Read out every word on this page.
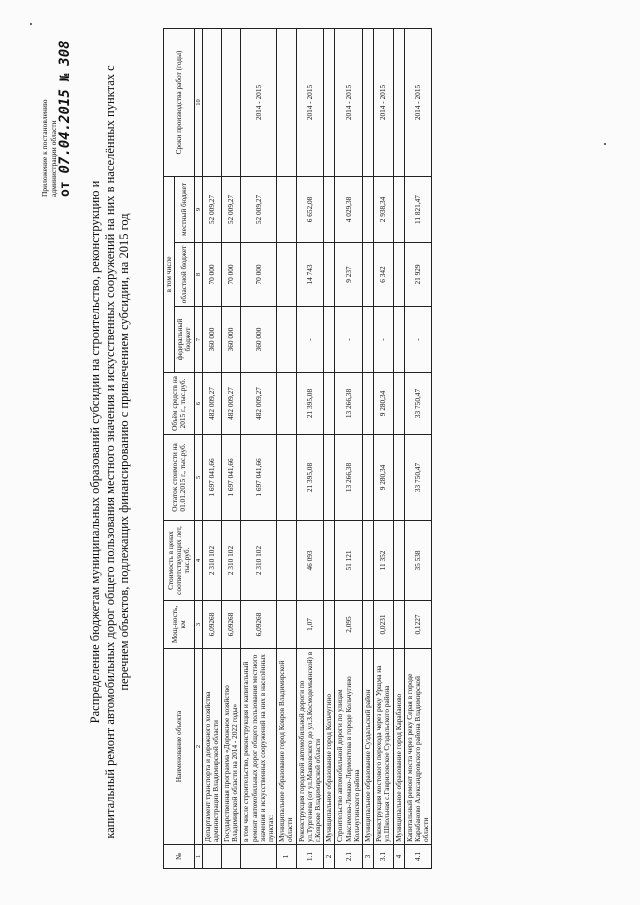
Приложение к постановлению администрации области от 07.04.2015 № 308
Распределение бюджетам муниципальных образований субсидии на строительство, реконструкцию и капитальный ремонт автомобильных дорог общего пользования местного значения и искусственных сооружений на них в населённых пунктах с перечнем объектов, подлежащих финансированию с привлечением субсидии, на 2015 год
№	Наименование объекта	Мощ-ность, км	Стоимость в ценах соответствующих лет, тыс.руб.	Остаток стоимости на 01.01.2015 г., тыс.руб.	Объём средств на 2015 г., тыс.руб.	в том числе			Сроки производства работ (годы)
						федеральный бюджет	областной бюджет	местный бюджет	
1	2	3	4	5	6	7	8	9	10
	Департамент транспорта и дорожного хозяйства администрации Владимирской области	6,09268	2 310 102	1 697 041,66	482 009,27	360 000	70 000	52 009,27	
	Государственная программа «Дорожное хозяйство Владимирской области на 2014 - 2022 годы»	6,09268	2 310 102	1 697 041,66	482 009,27	360 000	70 000	52 009,27	
	в том числе строительство, реконструкция и капитальный ремонт автомобильных дорог общего пользования местного значения и искусственных сооружений на них в населённых пунктах:	6,09268	2 310 102	1 697 041,66	482 009,27	360 000	70 000	52 009,27	2014 - 2015
1	Муниципальное образование город Ковров Владимирской области								
1.1	Реконструкция городской автомобильной дороги по ул.Тургенева (от ул.Маяковского до ул.З.Космодемьянской) в г.Коврове Владимирской области	1,07	46 093	21 395,08	21 395,08	-	14 743	6 652,08	2014 - 2015
2	Муниципальное образование город Кольчугино								
2.1	Строительство автомобильной дороги по улицам Максимова-Ломако-Лермонтова в городе Кольчугино Кольчугинского района	2,095	51 121	13 266,38	13 266,38	-	9 237	4 029,38	2014 - 2015
3	Муниципальное образование Суздальский район								
3.1	Реконструкция мостового перехода через реку Урщма на ул.Школьная с.Гавриловское Суздальского района	0,0231	11 352	9 280,34	9 280,34	-	6 342	2 938,34	2014 - 2015
4	Муниципальное образование город Карабаново								
4.1	Капитальный ремонт моста через реку Серая в городе Карабаново Александровского района Владимирской области	0,1227	35 538	33 750,47	33 750,47	-	21 929	11 821,47	2014 - 2015
